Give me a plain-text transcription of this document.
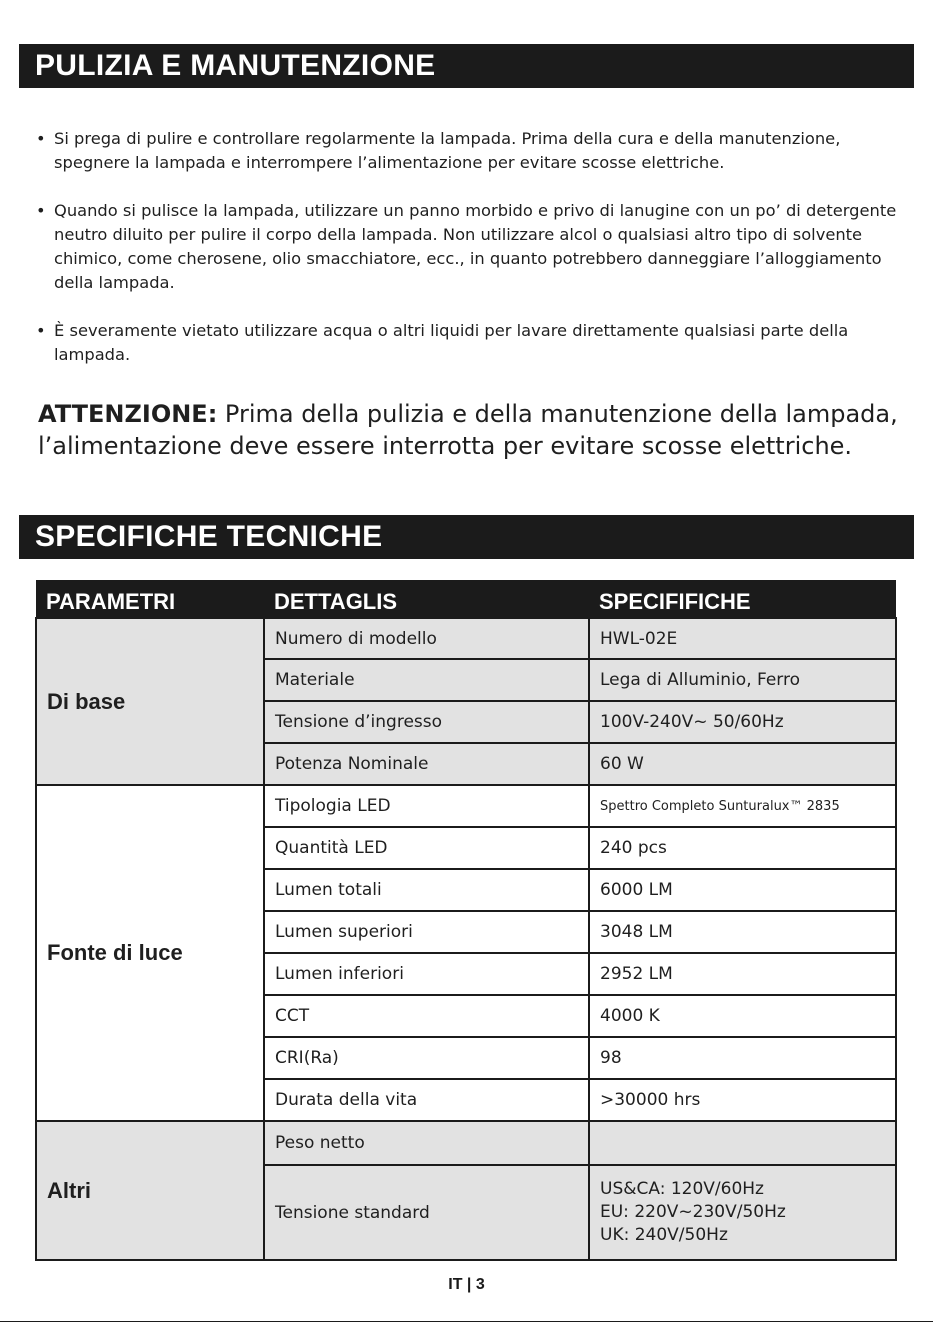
PULIZIA E MANUTENZIONE
• Si prega di pulire e controllare regolarmente la lampada. Prima della cura e della manutenzione, spegnere la lampada e interrompere l’alimentazione per evitare scosse elettriche.
• Quando si pulisce la lampada, utilizzare un panno morbido e privo di lanugine con un po’ di detergente neutro diluito per pulire il corpo della lampada. Non utilizzare alcol o qualsiasi altro tipo di solvente chimico, come cherosene, olio smacchiatore, ecc., in quanto potrebbero danneggiare l’alloggiamento della lampada.
• È severamente vietato utilizzare acqua o altri liquidi per lavare direttamente qualsiasi parte della lampada.
ATTENZIONE: Prima della pulizia e della manutenzione della lampada, l’alimentazione deve essere interrotta per evitare scosse elettriche.
SPECIFICHE TECNICHE
PARAMETRI	DETTAGLIS	SPECIFIFICHE
Di base	Numero di modello	HWL-02E
	Materiale	Lega di Alluminio, Ferro
	Tensione d’ingresso	100V-240V~ 50/60Hz
	Potenza Nominale	60 W
Fonte di luce	Tipologia LED	Spettro Completo Sunturalux™ 2835
	Quantità LED	240 pcs
	Lumen totali	6000 LM
	Lumen superiori	3048 LM
	Lumen inferiori	2952 LM
	CCT	4000 K
	CRI(Ra)	98
	Durata della vita	>30000 hrs
Altri	Peso netto	
	Tensione standard	US&CA: 120V/60Hz
EU: 220V~230V/50Hz
UK: 240V/50Hz
IT | 3
